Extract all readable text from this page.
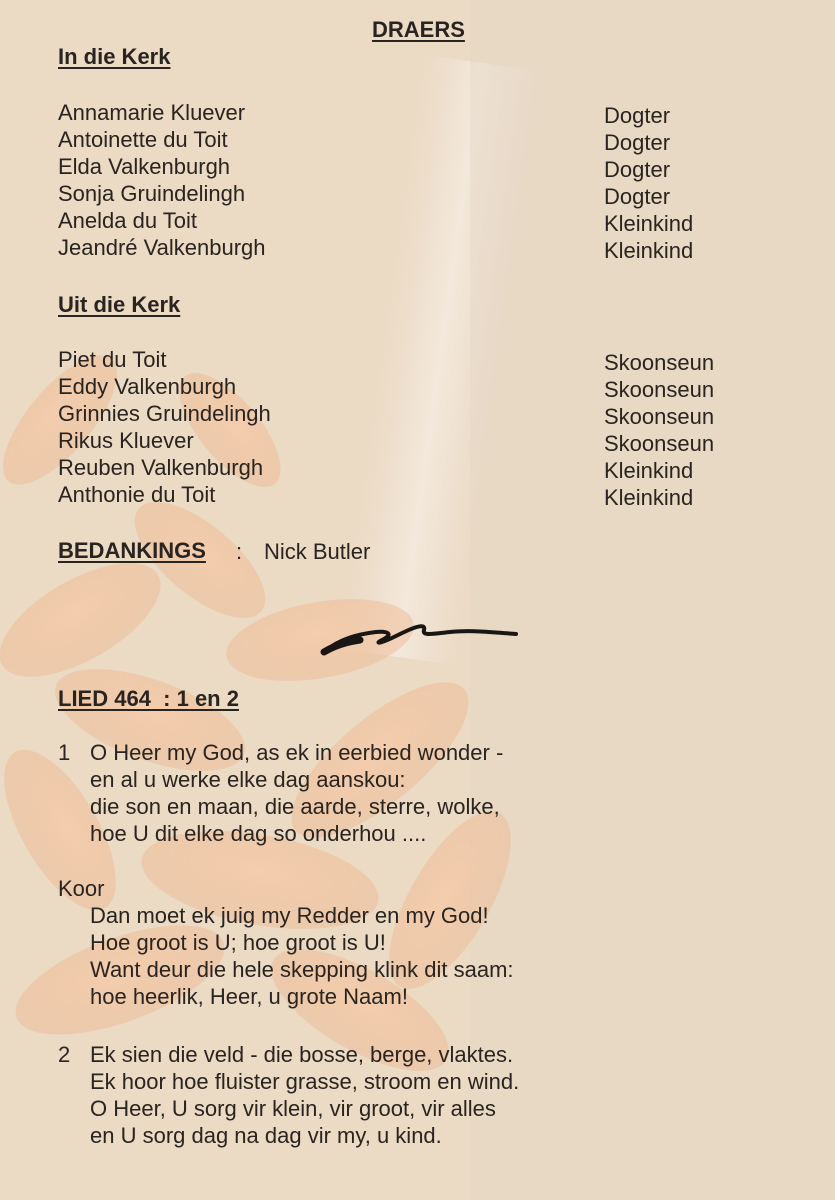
DRAERS
In die Kerk
Annamarie Kluever	Dogter
Antoinette du Toit	Dogter
Elda Valkenburgh	Dogter
Sonja Gruindelingh	Dogter
Anelda du Toit	Kleinkind
Jeandré Valkenburgh	Kleinkind
Uit die Kerk
Piet du Toit	Skoonseun
Eddy Valkenburgh	Skoonseun
Grinnies Gruindelingh	Skoonseun
Rikus Kluever	Skoonseun
Reuben Valkenburgh	Kleinkind
Anthonie du Toit	Kleinkind
BEDANKINGS : Nick Butler
LIED 464  : 1 en 2
1 O Heer my God, as ek in eerbied wonder -
en al u werke elke dag aanskou:
die son en maan, die aarde, sterre, wolke,
hoe U dit elke dag so onderhou ....
Koor
Dan moet ek juig my Redder en my God!
Hoe groot is U; hoe groot is U!
Want deur die hele skepping klink dit saam:
hoe heerlik, Heer, u grote Naam!
2 Ek sien die veld - die bosse, berge, vlaktes.
Ek hoor hoe fluister grasse, stroom en wind.
O Heer, U sorg vir klein, vir groot, vir alles
en U sorg dag na dag vir my, u kind.
